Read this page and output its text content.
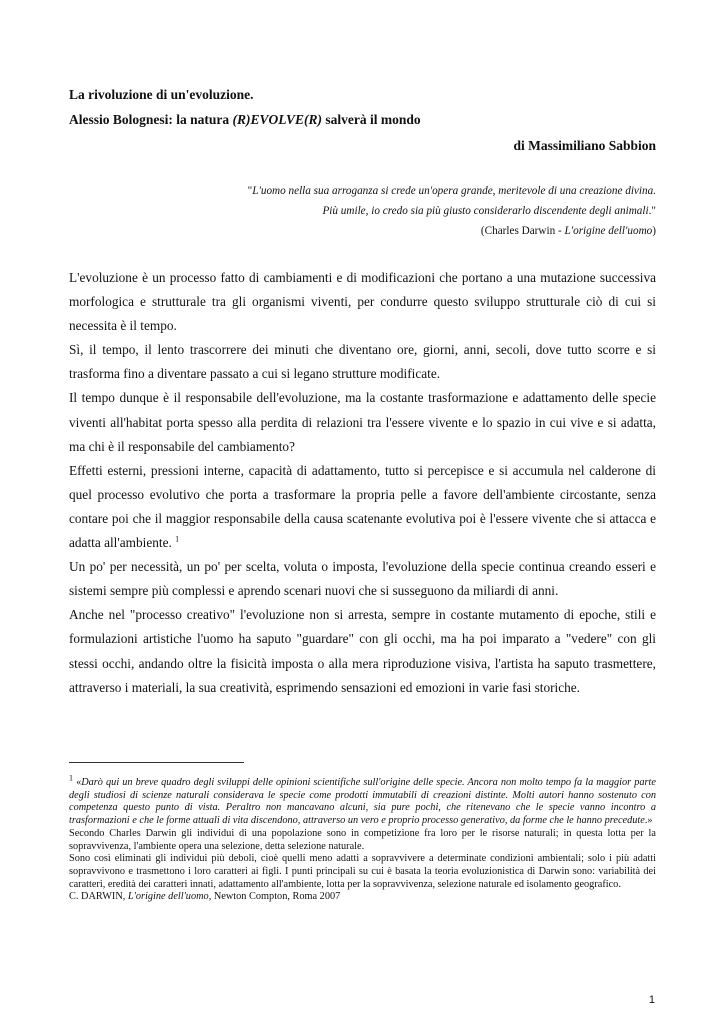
La rivoluzione di un'evoluzione.
Alessio Bolognesi: la natura (R)EVOLVE(R) salverà il mondo
di Massimiliano Sabbion
"L'uomo nella sua arroganza si crede un'opera grande, meritevole di una creazione divina.
Più umile, io credo sia più giusto considerarlo discendente degli animali."
(Charles Darwin - L'origine dell'uomo)

L'evoluzione è un processo fatto di cambiamenti e di modificazioni che portano a una mutazione successiva morfologica e strutturale tra gli organismi viventi, per condurre questo sviluppo strutturale ciò di cui si necessita è il tempo.

Sì, il tempo, il lento trascorrere dei minuti che diventano ore, giorni, anni, secoli, dove tutto scorre e si trasforma fino a diventare passato a cui si legano strutture modificate.

Il tempo dunque è il responsabile dell'evoluzione, ma la costante trasformazione e adattamento delle specie viventi all'habitat porta spesso alla perdita di relazioni tra l'essere vivente e lo spazio in cui vive e si adatta, ma chi è il responsabile del cambiamento?

Effetti esterni, pressioni interne, capacità di adattamento, tutto si percepisce e si accumula nel calderone di quel processo evolutivo che porta a trasformare la propria pelle a favore dell'ambiente circostante, senza contare poi che il maggior responsabile della causa scatenante evolutiva poi è l'essere vivente che si attacca e adatta all'ambiente. $^1$

Un po' per necessità, un po' per scelta, voluta o imposta, l'evoluzione della specie continua creando esseri e sistemi sempre più complessi e aprendo scenari nuovi che si susseguono da miliardi di anni.

Anche nel "processo creativo" l'evoluzione non si arresta, sempre in costante mutamento di epoche, stili e formulazioni artistiche l'uomo ha saputo "guardare" con gli occhi, ma ha poi imparato a "vedere" con gli stessi occhi, andando oltre la fisicità imposta o alla mera riproduzione visiva, l'artista ha saputo trasmettere, attraverso i materiali, la sua creatività, esprimendo sensazioni ed emozioni in varie fasi storiche.

$^1$ «Darò qui un breve quadro degli sviluppi delle opinioni scientifiche sull'origine delle specie. Ancora non molto tempo fa la maggior parte degli studiosi di scienze naturali considerava le specie come prodotti immutabili di creazioni distinte. Molti autori hanno sostenuto con competenza questo punto di vista. Peraltro non mancavano alcuni, sia pure pochi, che ritenevano che le specie vanno incontro a trasformazioni e che le forme attuali di vita discendono, attraverso un vero e proprio processo generativo, da forme che le hanno precedute.»

Secondo Charles Darwin gli individui di una popolazione sono in competizione fra loro per le risorse naturali; in questa lotta per la sopravvivenza, l'ambiente opera una selezione, detta selezione naturale.

Sono così eliminati gli individui più deboli, cioè quelli meno adatti a sopravvivere a determinate condizioni ambientali; solo i più adatti sopravvivono e trasmettono i loro caratteri ai figli. I punti principali su cui è basata la teoria evoluzionistica di Darwin sono: variabilità dei caratteri, eredità dei caratteri innati, adattamento all'ambiente, lotta per la sopravvivenza, selezione naturale ed isolamento geografico.

C. DARWIN, L'origine dell'uomo, Newton Compton, Roma 2007

1
